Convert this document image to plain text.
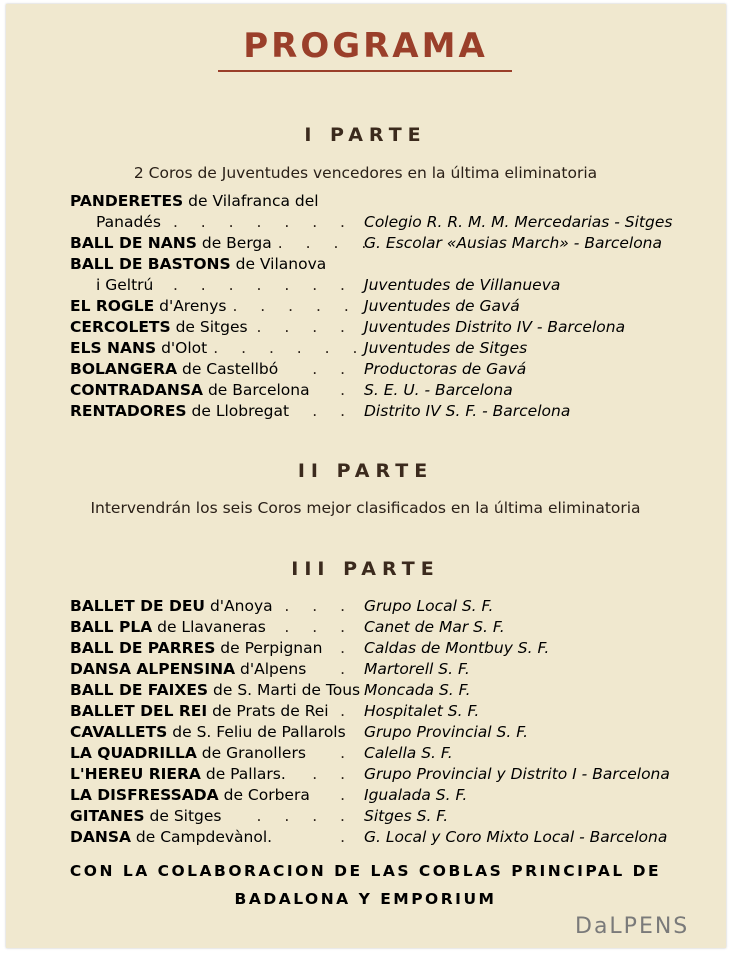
PROGRAMA
I PARTE
2 Coros de Juventudes vencedores en la última eliminatoria
PANDERETES de Vilafranca del
Panadés . . . . . . . Colegio R. R. M. M. Mercedarias - Sitges
BALL DE NANS de Berga . . . .
G. Escolar «Ausias March» - Barcelona
BALL DE BASTONS de Vilanova
i Geltrú . . . . . . . Juventudes de Villanueva
EL ROGLE d'Arenys . . . . . Juventudes de Gavá
CERCOLETS de Sitges . . . . Juventudes Distrito IV - Barcelona
ELS NANS d'Olot . . . . . .
Juventudes de Sitges
BOLANGERA de Castellbó . . Productoras de Gavá
CONTRADANSA de Barcelona . S. E. U. - Barcelona
RENTADORES de Llobregat . . Distrito IV S. F. - Barcelona
II PARTE
Intervendrán los seis Coros mejor clasificados en la última eliminatoria
III PARTE
BALLET DE DEU d'Anoya . . . Grupo Local S. F.
BALL PLA de Llavaneras . . . Canet de Mar S. F.
BALL DE PARRES de Perpignan . Caldas de Montbuy S. F.
DANSA ALPENSINA d'Alpens . Martorell S. F.
BALL DE FAIXES de S. Marti de Tous Moncada S. F.
BALLET DEL REI de Prats de Rei . Hospitalet S. F.
CAVALLETS de S. Feliu de Pallarols Grupo Provincial S. F.
LA QUADRILLA de Granollers . Calella S. F.
L'HEREU RIERA de Pallars. . . Grupo Provincial y Distrito I - Barcelona
LA DISFRESSADA de Corbera . Igualada S. F.
GITANES de Sitges . . . . Sitges S. F.
DANSA de Campdevànol.	. G. Local y Coro Mixto Local - Barcelona
CON LA COLABORACION DE LAS COBLAS PRINCIPAL DE
BADALONA Y EMPORIUM
DaLPENS
